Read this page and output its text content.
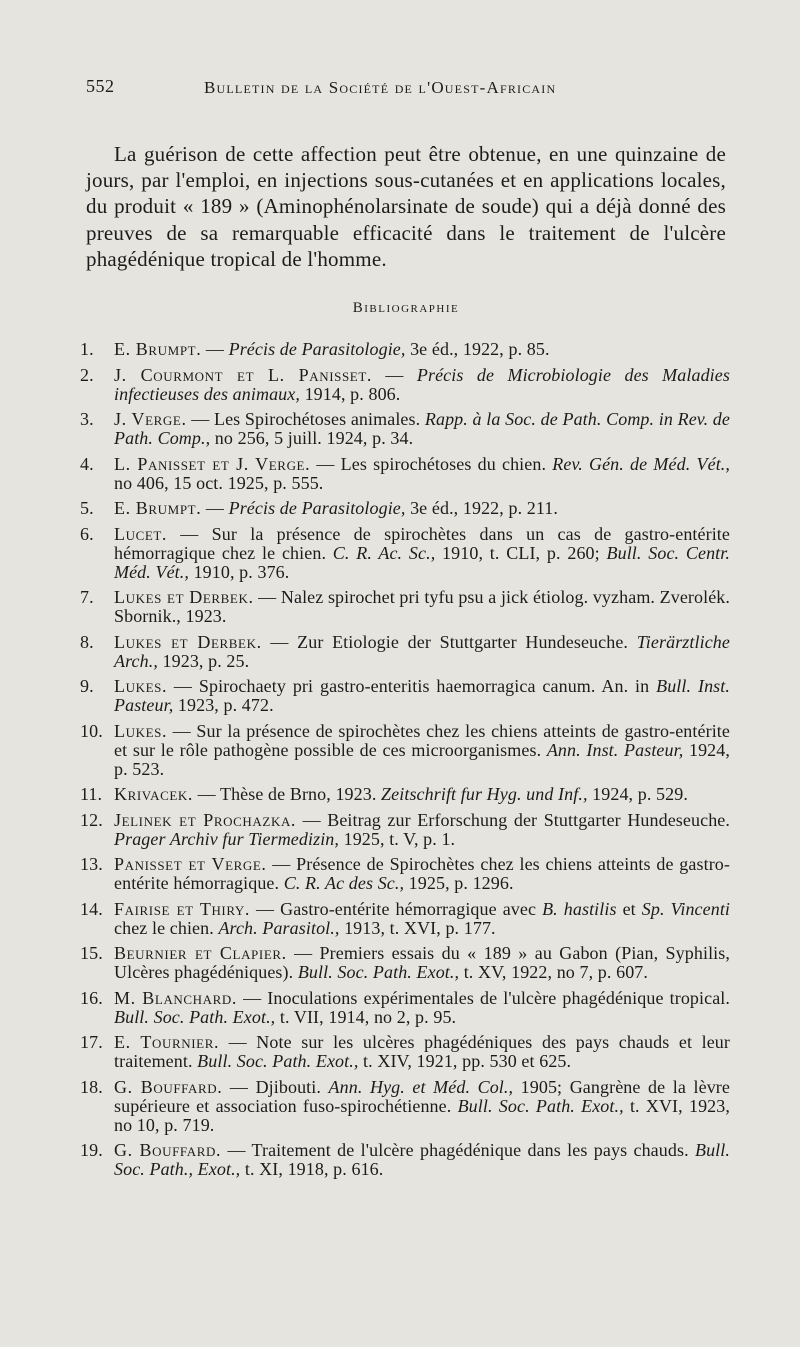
552	Bulletin de la Société de l'Ouest-Africain

La guérison de cette affection peut être obtenue, en une quinzaine de jours, par l'emploi, en injections sous-cutanées et en applications locales, du produit « 189 » (Aminophénolarsinate de soude) qui a déjà donné des preuves de sa remarquable efficacité dans le traitement de l'ulcère phagédénique tropical de l'homme.

Bibliographie
1.	E. Brumpt. — Précis de Parasitologie, 3e éd., 1922, p. 85.
2.	J. Courmont et L. Panisset. — Précis de Microbiologie des Maladies infectieuses des animaux, 1914, p. 806.
3.	J. Verge. — Les Spirochétoses animales. Rapp. à la Soc. de Path. Comp. in Rev. de Path. Comp., no 256, 5 juill. 1924, p. 34.
4.	L. Panisset et J. Verge. — Les spirochétoses du chien. Rev. Gén. de Méd. Vét., no 406, 15 oct. 1925, p. 555.
5.	E. Brumpt. — Précis de Parasitologie, 3e éd., 1922, p. 211.
6.	Lucet. — Sur la présence de spirochètes dans un cas de gastro-entérite hémorragique chez le chien. C. R. Ac. Sc., 1910, t. CLI, p. 260; Bull. Soc. Centr. Méd. Vét., 1910, p. 376.
7.	Lukes et Derbek. — Nalez spirochet pri tyfu psu a jick étiolog. vyzham. Zverolék. Sbornik., 1923.
8.	Lukes et Derbek. — Zur Etiologie der Stuttgarter Hundeseuche. Tierärztliche Arch., 1923, p. 25.
9.	Lukes. — Spirochaety pri gastro-enteritis haemorragica canum. An. in Bull. Inst. Pasteur, 1923, p. 472.
10. Lukes. — Sur la présence de spirochètes chez les chiens atteints de gastro-entérite et sur le rôle pathogène possible de ces microorganismes. Ann. Inst. Pasteur, 1924, p. 523.
11. Krivacek. — Thèse de Brno, 1923. Zeitschrift fur Hyg. und Inf., 1924, p. 529.
12. Jelinek et Prochazka. — Beitrag zur Erforschung der Stuttgarter Hundeseuche. Prager Archiv fur Tiermedizin, 1925, t. V, p. 1.
13. Panisset et Verge. — Présence de Spirochètes chez les chiens atteints de gastro-entérite hémorragique. C. R. Ac des Sc., 1925, p. 1296.
14. Fairise et Thiry. — Gastro-entérite hémorragique avec B. hastilis et Sp. Vincenti chez le chien. Arch. Parasitol., 1913, t. XVI, p. 177.
15. Beurnier et Clapier. — Premiers essais du « 189 » au Gabon (Pian, Syphilis, Ulcères phagédéniques). Bull. Soc. Path. Exot., t. XV, 1922, no 7, p. 607.
16. M. Blanchard. — Inoculations expérimentales de l'ulcère phagédénique tropical. Bull. Soc. Path. Exot., t. VII, 1914, no 2, p. 95.
17. E. Tournier. — Note sur les ulcères phagédéniques des pays chauds et leur traitement. Bull. Soc. Path. Exot., t. XIV, 1921, pp. 530 et 625.
18. G. Bouffard. — Djibouti. Ann. Hyg. et Méd. Col., 1905; Gangrène de la lèvre supérieure et association fuso-spirochétienne. Bull. Soc. Path. Exot., t. XVI, 1923, no 10, p. 719.
19. G. Bouffard. — Traitement de l'ulcère phagédénique dans les pays chauds. Bull. Soc. Path., Exot., t. XI, 1918, p. 616.
